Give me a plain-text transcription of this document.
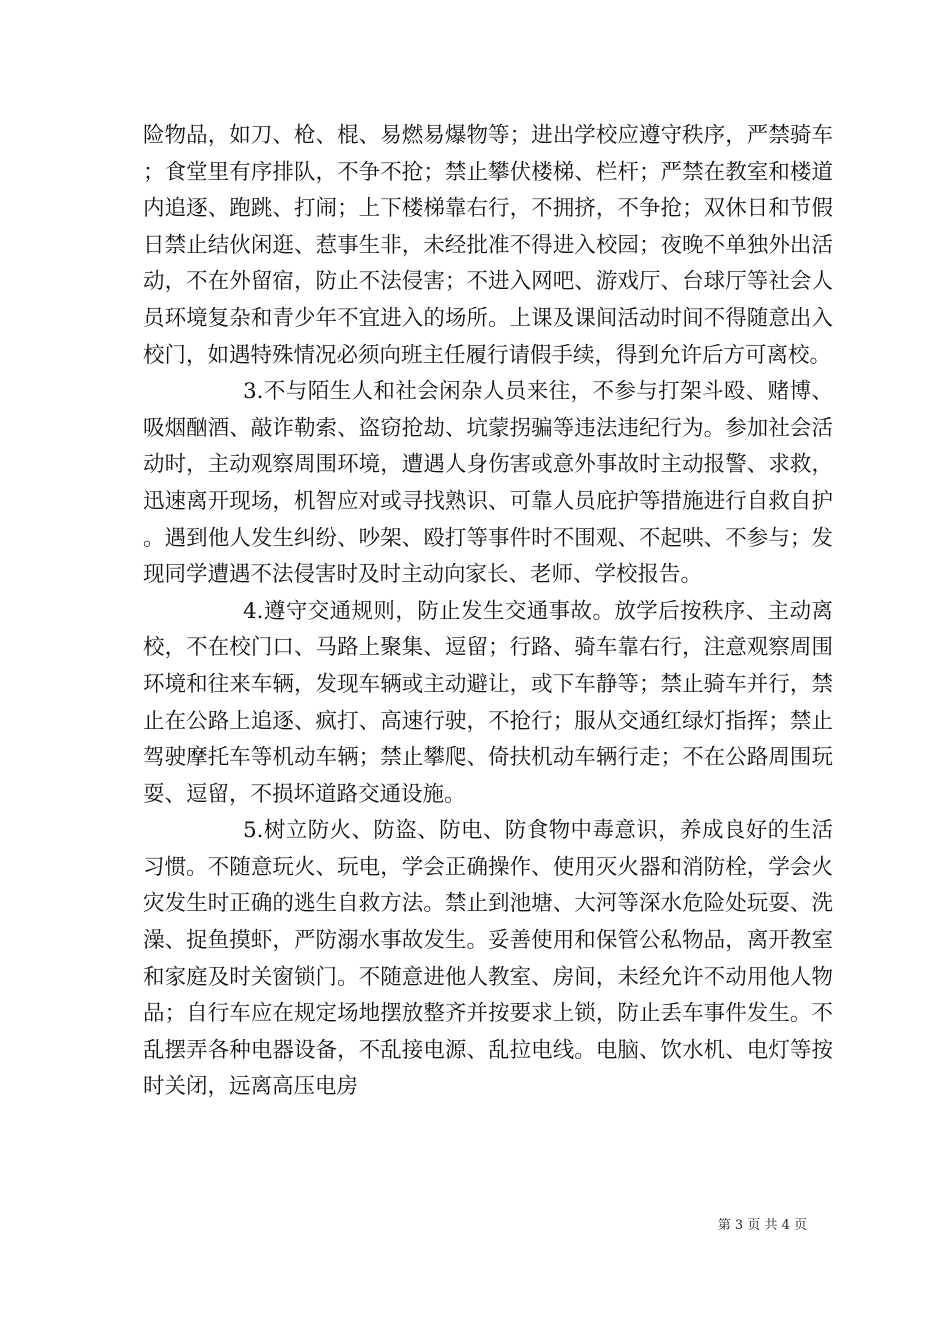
险物品，如刀、枪、棍、易燃易爆物等；进出学校应遵守秩序，严禁骑车；食堂里有序排队，不争不抢；禁止攀伏楼梯、栏杆；严禁在教室和楼道内追逐、跑跳、打闹；上下楼梯靠右行，不拥挤，不争抢；双休日和节假日禁止结伙闲逛、惹事生非，未经批准不得进入校园；夜晚不单独外出活动，不在外留宿，防止不法侵害；不进入网吧、游戏厅、台球厅等社会人员环境复杂和青少年不宜进入的场所。上课及课间活动时间不得随意出入校门，如遇特殊情况必须向班主任履行请假手续，得到允许后方可离校。

3.不与陌生人和社会闲杂人员来往，不参与打架斗殴、赌博、吸烟酗酒、敲诈勒索、盗窃抢劫、坑蒙拐骗等违法违纪行为。参加社会活动时，主动观察周围环境，遭遇人身伤害或意外事故时主动报警、求救，迅速离开现场，机智应对或寻找熟识、可靠人员庇护等措施进行自救自护。遇到他人发生纠纷、吵架、殴打等事件时不围观、不起哄、不参与；发现同学遭遇不法侵害时及时主动向家长、老师、学校报告。

4.遵守交通规则，防止发生交通事故。放学后按秩序、主动离校，不在校门口、马路上聚集、逗留；行路、骑车靠右行，注意观察周围环境和往来车辆，发现车辆或主动避让，或下车静等；禁止骑车并行，禁止在公路上追逐、疯打、高速行驶，不抢行；服从交通红绿灯指挥；禁止驾驶摩托车等机动车辆；禁止攀爬、倚扶机动车辆行走；不在公路周围玩耍、逗留，不损坏道路交通设施。

5.树立防火、防盗、防电、防食物中毒意识，养成良好的生活习惯。不随意玩火、玩电，学会正确操作、使用灭火器和消防栓，学会火灾发生时正确的逃生自救方法。禁止到池塘、大河等深水危险处玩耍、洗澡、捉鱼摸虾，严防溺水事故发生。妥善使用和保管公私物品，离开教室和家庭及时关窗锁门。不随意进他人教室、房间，未经允许不动用他人物品；自行车应在规定场地摆放整齐并按要求上锁，防止丢车事件发生。不乱摆弄各种电器设备，不乱接电源、乱拉电线。电脑、饮水机、电灯等按时关闭，远离高压电房

第 3 页 共 4 页
